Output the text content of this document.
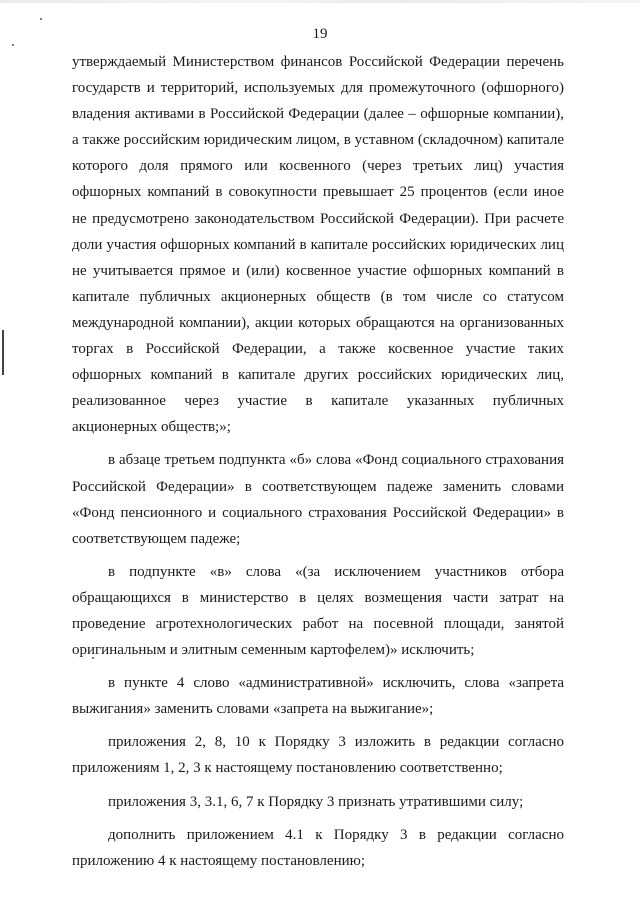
19

утверждаемый Министерством финансов Российской Федерации перечень государств и территорий, используемых для промежуточного (офшорного) владения активами в Российской Федерации (далее – офшорные компании), а также российским юридическим лицом, в уставном (складочном) капитале которого доля прямого или косвенного (через третьих лиц) участия офшорных компаний в совокупности превышает 25 процентов (если иное не предусмотрено законодательством Российской Федерации). При расчете доли участия офшорных компаний в капитале российских юридических лиц не учитывается прямое и (или) косвенное участие офшорных компаний в капитале публичных акционерных обществ (в том числе со статусом международной компании), акции которых обращаются на организованных торгах в Российской Федерации, а также косвенное участие таких офшорных компаний в капитале других российских юридических лиц, реализованное через участие в капитале указанных публичных акционерных обществ;»;

в абзаце третьем подпункта «б» слова «Фонд социального страхования Российской Федерации» в соответствующем падеже заменить словами «Фонд пенсионного и социального страхования Российской Федерации» в соответствующем падеже;

в подпункте «в» слова «(за исключением участников отбора обращающихся в министерство в целях возмещения части затрат на проведение агротехнологических работ на посевной площади, занятой оригинальным и элитным семенным картофелем)» исключить;

в пункте 4 слово «административной» исключить, слова «запрета выжигания» заменить словами «запрета на выжигание»;

приложения 2, 8, 10 к Порядку 3 изложить в редакции согласно приложениям 1, 2, 3 к настоящему постановлению соответственно;

приложения 3, 3.1, 6, 7 к Порядку 3 признать утратившими силу;

дополнить приложением 4.1 к Порядку 3 в редакции согласно приложению 4 к настоящему постановлению;
